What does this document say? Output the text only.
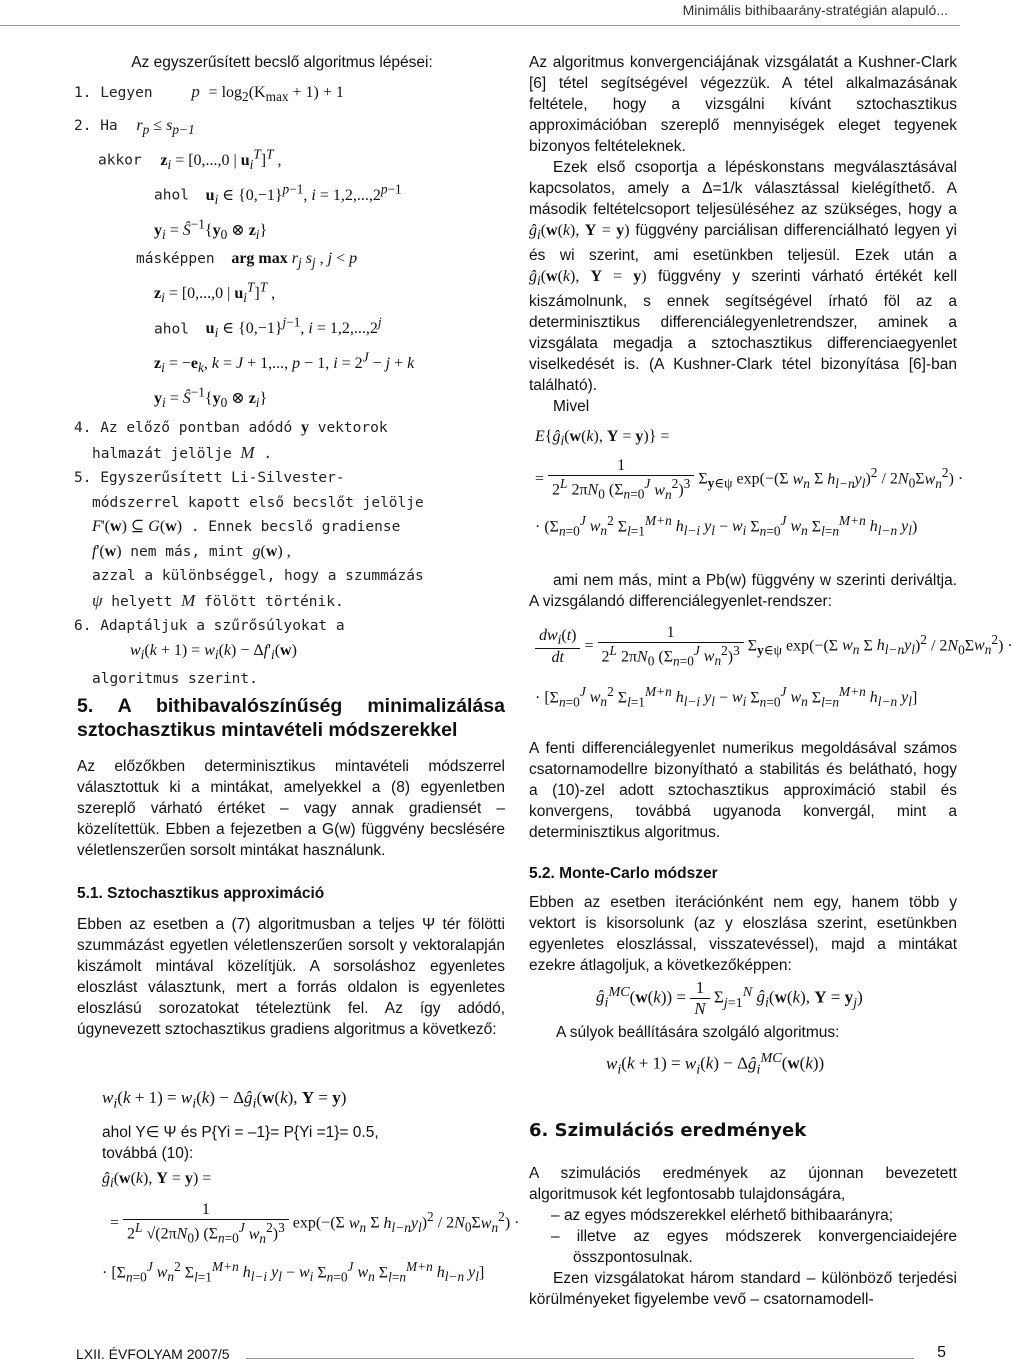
Minimális bithibaarány-stratégián alapuló...
Az egyszerűsített becslő algoritmus lépései:
1. Legyen $p = \log_2(K_{max} + 1) + 1$
2. Ha $r_p \le s_{p-1}$
akkor $z_i = [0,...,0$ | $u_i^T]^T$ ,
ahol $u_i$ ∈ $\{0,-1\}^{p-1}$, $i = 1,2,...,2^{p-1}$
$y_i$ = $Ŝ^{-1}\{y_0$ ⊗ $z_i$}
másképpen arg $\max r_j$ $s_j$ , j < p
$z_i = [0,...,0$ | $u_i^T]^T$ ,
ahol $u_i$ ∈ $\{0,-1\}^{j-1}$, $i = 1,2,...,2^j$
$z_i = -e_k$, k = J + 1,..., p − 1, $i = 2^J - j + k$
$y_i$ = $Ŝ^{-1}\{y_0$ ⊗ $z_i$}
4. Az előző pontban adódó y vektorok
halmazát jelölje M .
5. Egyszerűsített Li-Silvester-
módszerrel kapott első becslőt jelölje
F'(w) ⊆ G(w) . Ennek becslő gradiense
f'(w) nem más, mint g(w) ,
azzal a különbséggel, hogy a szummázás
ψ helyett M fölött történik.
6. Adaptáljuk a szűrősúlyokat a
$w_i(k + 1) = w_i(k) - \Delta f'_i(w)$
algoritmus szerint.
5. A bithibavalószínűség minimalizálása sztochasztikus mintavételi módszerekkel

Az előzőkben determinisztikus mintavételi módszerrel választottuk ki a mintákat, amelyekkel a (8) egyenletben szereplő várható értéket – vagy annak gradiensét – közelítettük. Ebben a fejezetben a G(w) függvény becslésére véletlenszerűen sorsolt mintákat használunk.

5.1. Sztochasztikus approximáció

Ebben az esetben a (7) algoritmusban a teljes Ψ tér fölötti szummázást egyetlen véletlenszerűen sorsolt y vektoralapján kiszámolt mintával közelítjük. A sorsoláshoz egyenletes eloszlást választunk, mert a forrás oldalon is egyenletes eloszlású sorozatokat tételeztünk fel. Az így adódó, úgynevezett sztochasztikus gradiens algoritmus a következő:

$w_i(k + 1) = w_i(k)$ − $\Delta ĝ_i(w(k)$, Y = y)
ahol Y∈ Ψ és P{Yi = –1}= P{Yi =1}= 0.5,
továbbá (10):
$ĝ_i(w(k)$, Y = y) =
= $\frac{1}{2^L √(2\pi N_0) (\Sigma_{n=0}^J w_n^2)^3} \exp(-(\Sigma$ $w_n$ Σ $h_{l-n}y_l)^2 / 2N_0\Sigma w_n^2$) ·
· [$\Sigma_{n=0}^J$ $w_n^2$ $\Sigma_{l=1}^{M+n}$ $h_{l-i}$ $y_l - w_i$ $\Sigma_{n=0}^J$ $w_n$ $\Sigma_{l=n}^{M+n}$ $h_{l-n}$ $y_l$]

Az algoritmus konvergenciájának vizsgálatát a Kushner-Clark [6] tétel segítségével végezzük. A tétel alkalmazásának feltétele, hogy a vizsgálni kívánt sztochasztikus approximációban szereplő mennyiségek eleget tegyenek bizonyos feltételeknek.

Ezek első csoportja a lépéskonstans megválasztásával kapcsolatos, amely a Δ=1/k választással kielégíthető. A második feltételcsoport teljesüléséhez az szükséges, hogy a $ĝ_i(w(k)$, Y = y) függvény parciálisan differenciálható legyen yi és wi szerint, ami esetünkben teljesül. Ezek után a $ĝ_i(w(k)$, Y = y) függvény y szerinti várható értékét kell kiszámolnunk, s ennek segítségével írható föl az a determinisztikus differenciálegyenletrendszer, aminek a vizsgálata megadja a sztochasztikus differenciaegyenlet viselkedését is. (A Kushner-Clark tétel bizonyítása [6]-ban található).

Mivel

$E\{ĝ_i(w(k)$, Y = y)} =
= $\frac{1}{2^L 2\pi N_0 (\Sigma_{n=0}^J w_n^2)^3} \Sigma_{y\in\psi}$ exp(−(Σ $w_n$ Σ $h_{l-n}y_l)^2 / 2N_0\Sigma w_n^2$) ·
· ($\Sigma_{n=0}^J$ $w_n^2$ $\Sigma_{l=1}^{M+n}$ $h_{l-i}$ $y_l - w_i$ $\Sigma_{n=0}^J$ $w_n$ $\Sigma_{l=n}^{M+n}$ $h_{l-n}$ $y_l$)

ami nem más, mint a Pb(w) függvény w szerinti deriváltja. A vizsgálandó differenciálegyenlet-rendszer:

$\frac{dw_i(t)}{dt} = \frac{1}{2^L 2\pi N_0 (\Sigma_{n=0}^J w_n^2)^3} \Sigma_{y\in\psi}$ exp(−(Σ $w_n$ Σ $h_{l-n}y_l)^2 / 2N_0\Sigma w_n^2$) ·
· [$\Sigma_{n=0}^J$ $w_n^2$ $\Sigma_{l=1}^{M+n}$ $h_{l-i}$ $y_l - w_i$ $\Sigma_{n=0}^J$ $w_n$ $\Sigma_{l=n}^{M+n}$ $h_{l-n}$ $y_l$]

A fenti differenciálegyenlet numerikus megoldásával számos csatornamodellre bizonyítható a stabilitás és belátható, hogy a (10)-zel adott sztochasztikus approximáció stabil és konvergens, továbbá ugyanoda konvergál, mint a determinisztikus algoritmus.

5.2. Monte-Carlo módszer

Ebben az esetben iterációnként nem egy, hanem több y vektort is kisorsolunk (az y eloszlása szerint, esetünkben egyenletes eloszlással, visszatevéssel), majd a mintákat ezekre átlagoljuk, a következőképpen:

$ĝ_i^{MC}(w(k)) = \frac{1}{N} \Sigma_{j=1}^N$ $ĝ_i(w(k)$, $Y = y_j$)
A súlyok beállítására szolgáló algoritmus:
$w_i(k + 1) = w_i(k)$ − $\Delta ĝ_i^{MC}(w(k))$
6. Szimulációs eredmények

A szimulációs eredmények az újonnan bevezetett algoritmusok két legfontosabb tulajdonságára,

– az egyes módszerekkel elérhető bithibaarányra;
– illetve az egyes módszerek konvergenciaidejére összpontosulnak.

Ezen vizsgálatokat három standard – különböző terjedési körülményeket figyelembe vevő – csatornamodell-

LXII. ÉVFOLYAM 2007/5	5
